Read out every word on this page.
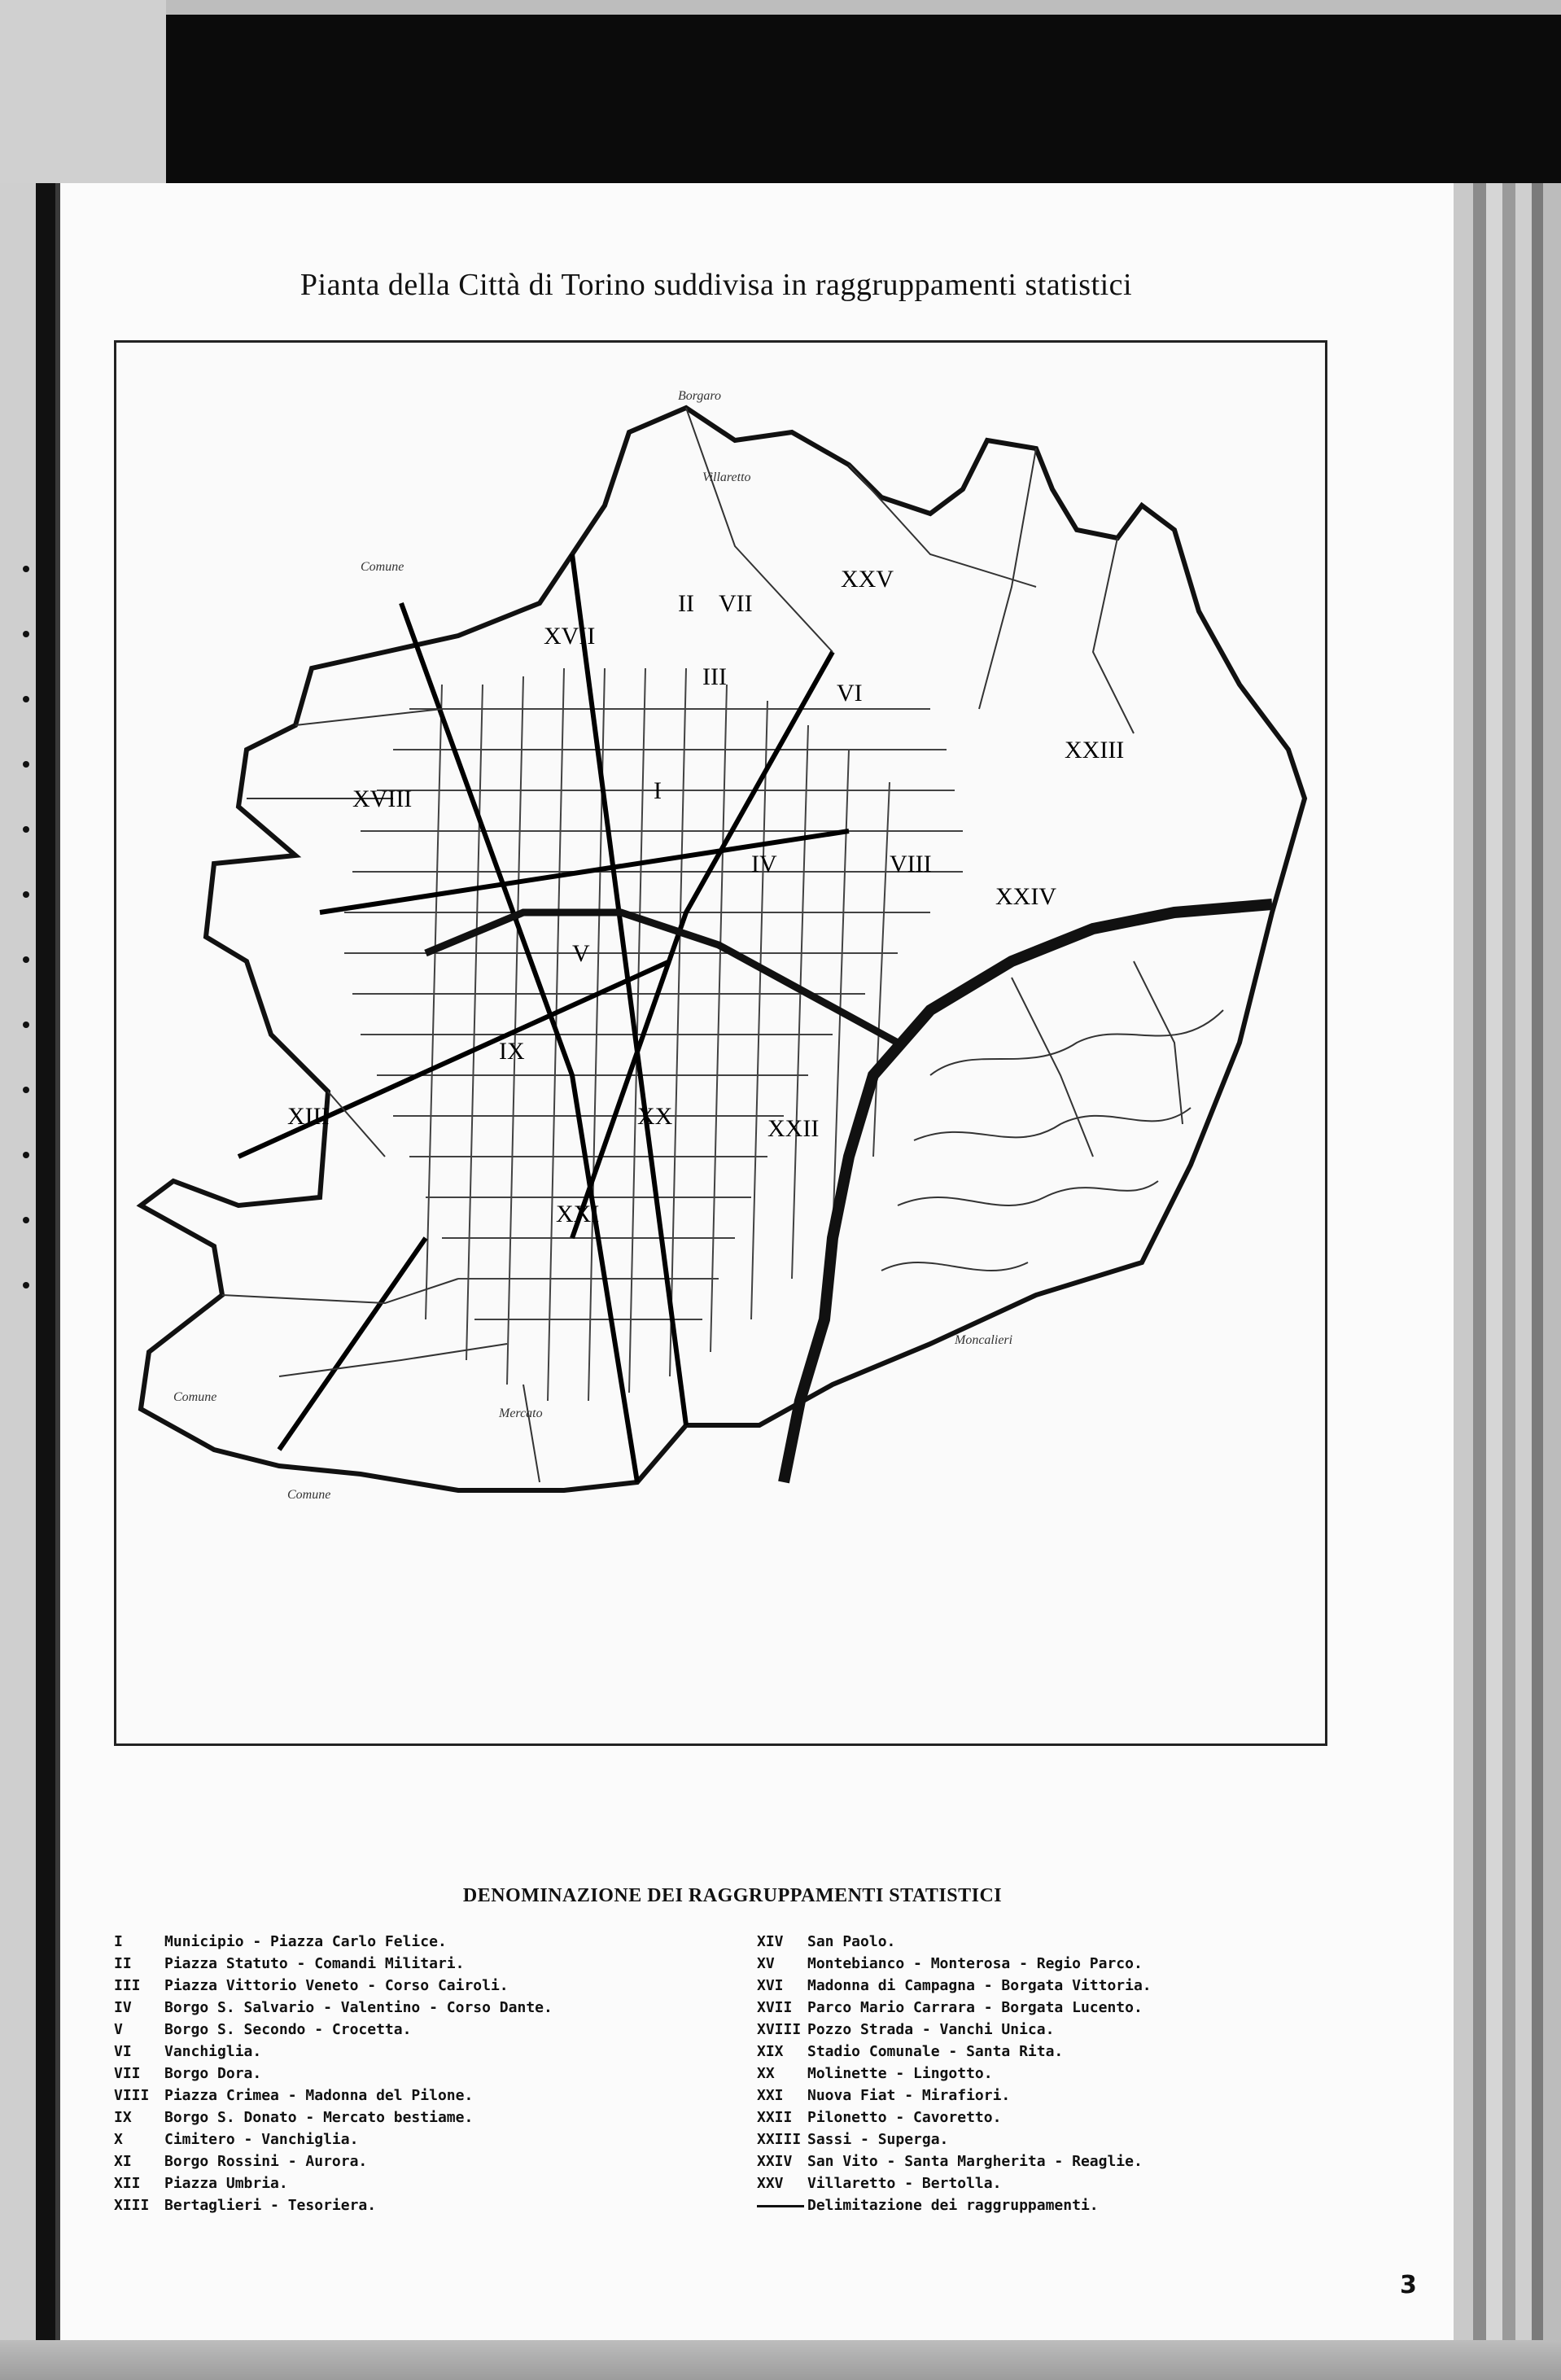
Pianta della Città di Torino suddivisa in raggruppamenti statistici
XXV
XVII
II VII
VI
XXIII
XVIII	I
VIII
V
XXIV
IX
XIII	XX	XXII
IV
III
XXI
Borgaro
Villaretto
Comune
Comune
Moncalieri
Mercato
Comune
DENOMINAZIONE DEI RAGGRUPPAMENTI STATISTICI
I	Municipio - Piazza Carlo Felice.
II	Piazza Statuto - Comandi Militari.
III	Piazza Vittorio Veneto - Corso Cairoli.
IV	Borgo S. Salvario - Valentino - Corso Dante.
V	Borgo S. Secondo - Crocetta.
VI	Vanchiglia.
VII	Borgo Dora.
VIII	Piazza Crimea - Madonna del Pilone.
IX	Borgo S. Donato - Mercato bestiame.
X	Cimitero - Vanchiglia.
XI	Borgo Rossini - Aurora.
XII	Piazza Umbria.
XIII	Bertaglieri - Tesoriera.
XIV	San Paolo.
XV	Montebianco - Monterosa - Regio Parco.
XVI	Madonna di Campagna - Borgata Vittoria.
XVII	Parco Mario Carrara - Borgata Lucento.
XVIII Pozzo Strada - Vanchi Unica.
XIX	Stadio Comunale - Santa Rita.
XX	Molinette - Lingotto.
XXI	Nuova Fiat - Mirafiori.
XXII	Pilonetto - Cavoretto.
XXIII Sassi - Superga.
XXIV	San Vito - Santa Margherita - Reaglie.
XXV	Villaretto - Bertolla.
Delimitazione dei raggruppamenti.
3
